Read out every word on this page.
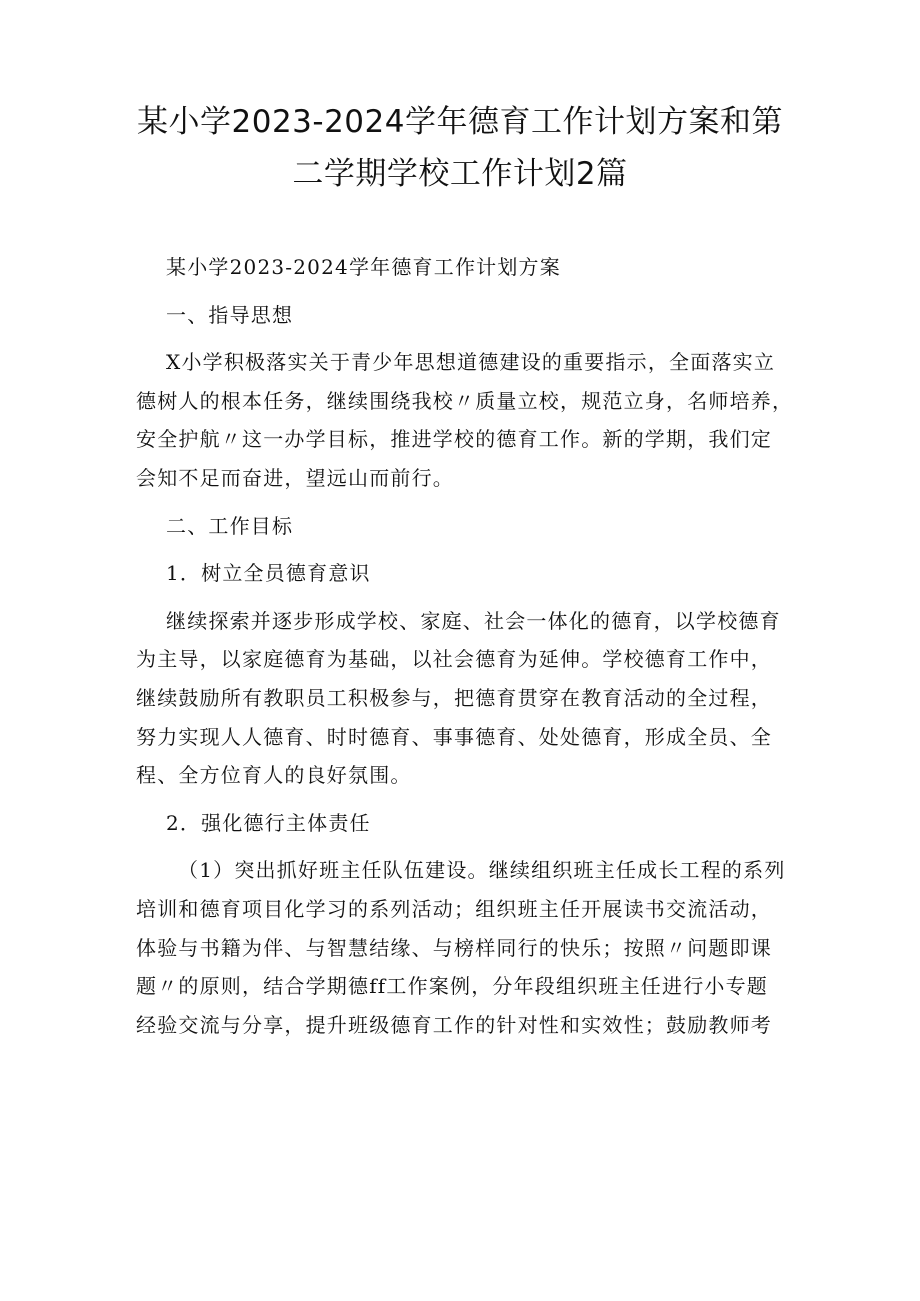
某小学2023-2024学年德育工作计划方案和第
二学期学校工作计划2篇

某小学2023-2024学年德育工作计划方案

一、指导思想

X小学积极落实关于青少年思想道德建设的重要指示，全面落实立
德树人的根本任务，继续围绕我校〃质量立校，规范立身，名师培养，
安全护航〃这一办学目标，推进学校的德育工作。新的学期，我们定
会知不足而奋进，望远山而前行。

二、工作目标

1．树立全员德育意识

继续探索并逐步形成学校、家庭、社会一体化的德育，以学校德育
为主导，以家庭德育为基础，以社会德育为延伸。学校德育工作中，
继续鼓励所有教职员工积极参与，把德育贯穿在教育活动的全过程，
努力实现人人德育、时时德育、事事德育、处处德育，形成全员、全
程、全方位育人的良好氛围。

2．强化德行主体责任

（1）突出抓好班主任队伍建设。继续组织班主任成长工程的系列
培训和德育项目化学习的系列活动；组织班主任开展读书交流活动，
体验与书籍为伴、与智慧结缘、与榜样同行的快乐；按照〃问题即课
题〃的原则，结合学期德ff工作案例，分年段组织班主任进行小专题
经验交流与分享，提升班级德育工作的针对性和实效性；鼓励教师考
